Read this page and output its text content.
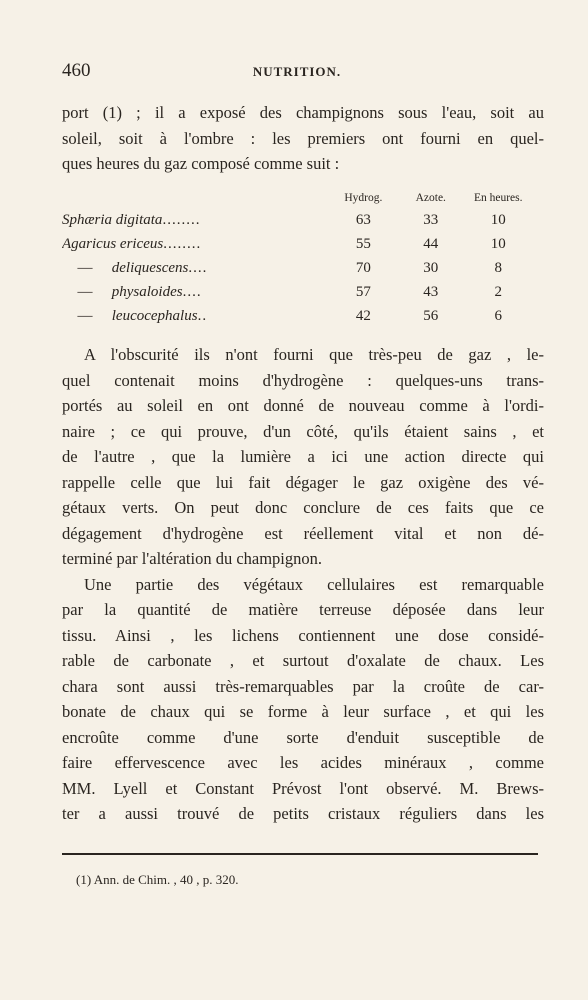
460	NUTRITION.

port (1) ; il a exposé des champignons sous l'eau, soit au
soleil, soit à l'ombre : les premiers ont fourni en quel-
ques heures du gaz composé comme suit :

	Hydrog.	Azote.	En heures.
Sphæria digitata........	63	33	10
Agaricus ericeus........	55	44	10
— deliquescens....	70	30	8
— physaloides....	57	43	2
— leucocephalus..	42	56	6

A l'obscurité ils n'ont fourni que très-peu de gaz , le-
quel contenait moins d'hydrogène : quelques-uns trans-
portés au soleil en ont donné de nouveau comme à l'ordi-
naire ; ce qui prouve, d'un côté, qu'ils étaient sains , et
de l'autre , que la lumière a ici une action directe qui
rappelle celle que lui fait dégager le gaz oxigène des vé-
gétaux verts. On peut donc conclure de ces faits que ce
dégagement d'hydrogène est réellement vital et non dé-
terminé par l'altération du champignon.
Une partie des végétaux cellulaires est remarquable
par la quantité de matière terreuse déposée dans leur
tissu. Ainsi , les lichens contiennent une dose considé-
rable de carbonate , et surtout d'oxalate de chaux. Les
chara sont aussi très-remarquables par la croûte de car-
bonate de chaux qui se forme à leur surface , et qui les
encroûte comme d'une sorte d'enduit susceptible de
faire effervescence avec les acides minéraux , comme
MM. Lyell et Constant Prévost l'ont observé. M. Brews-
ter a aussi trouvé de petits cristaux réguliers dans les

(1) Ann. de Chim. , 40 , p. 320.
